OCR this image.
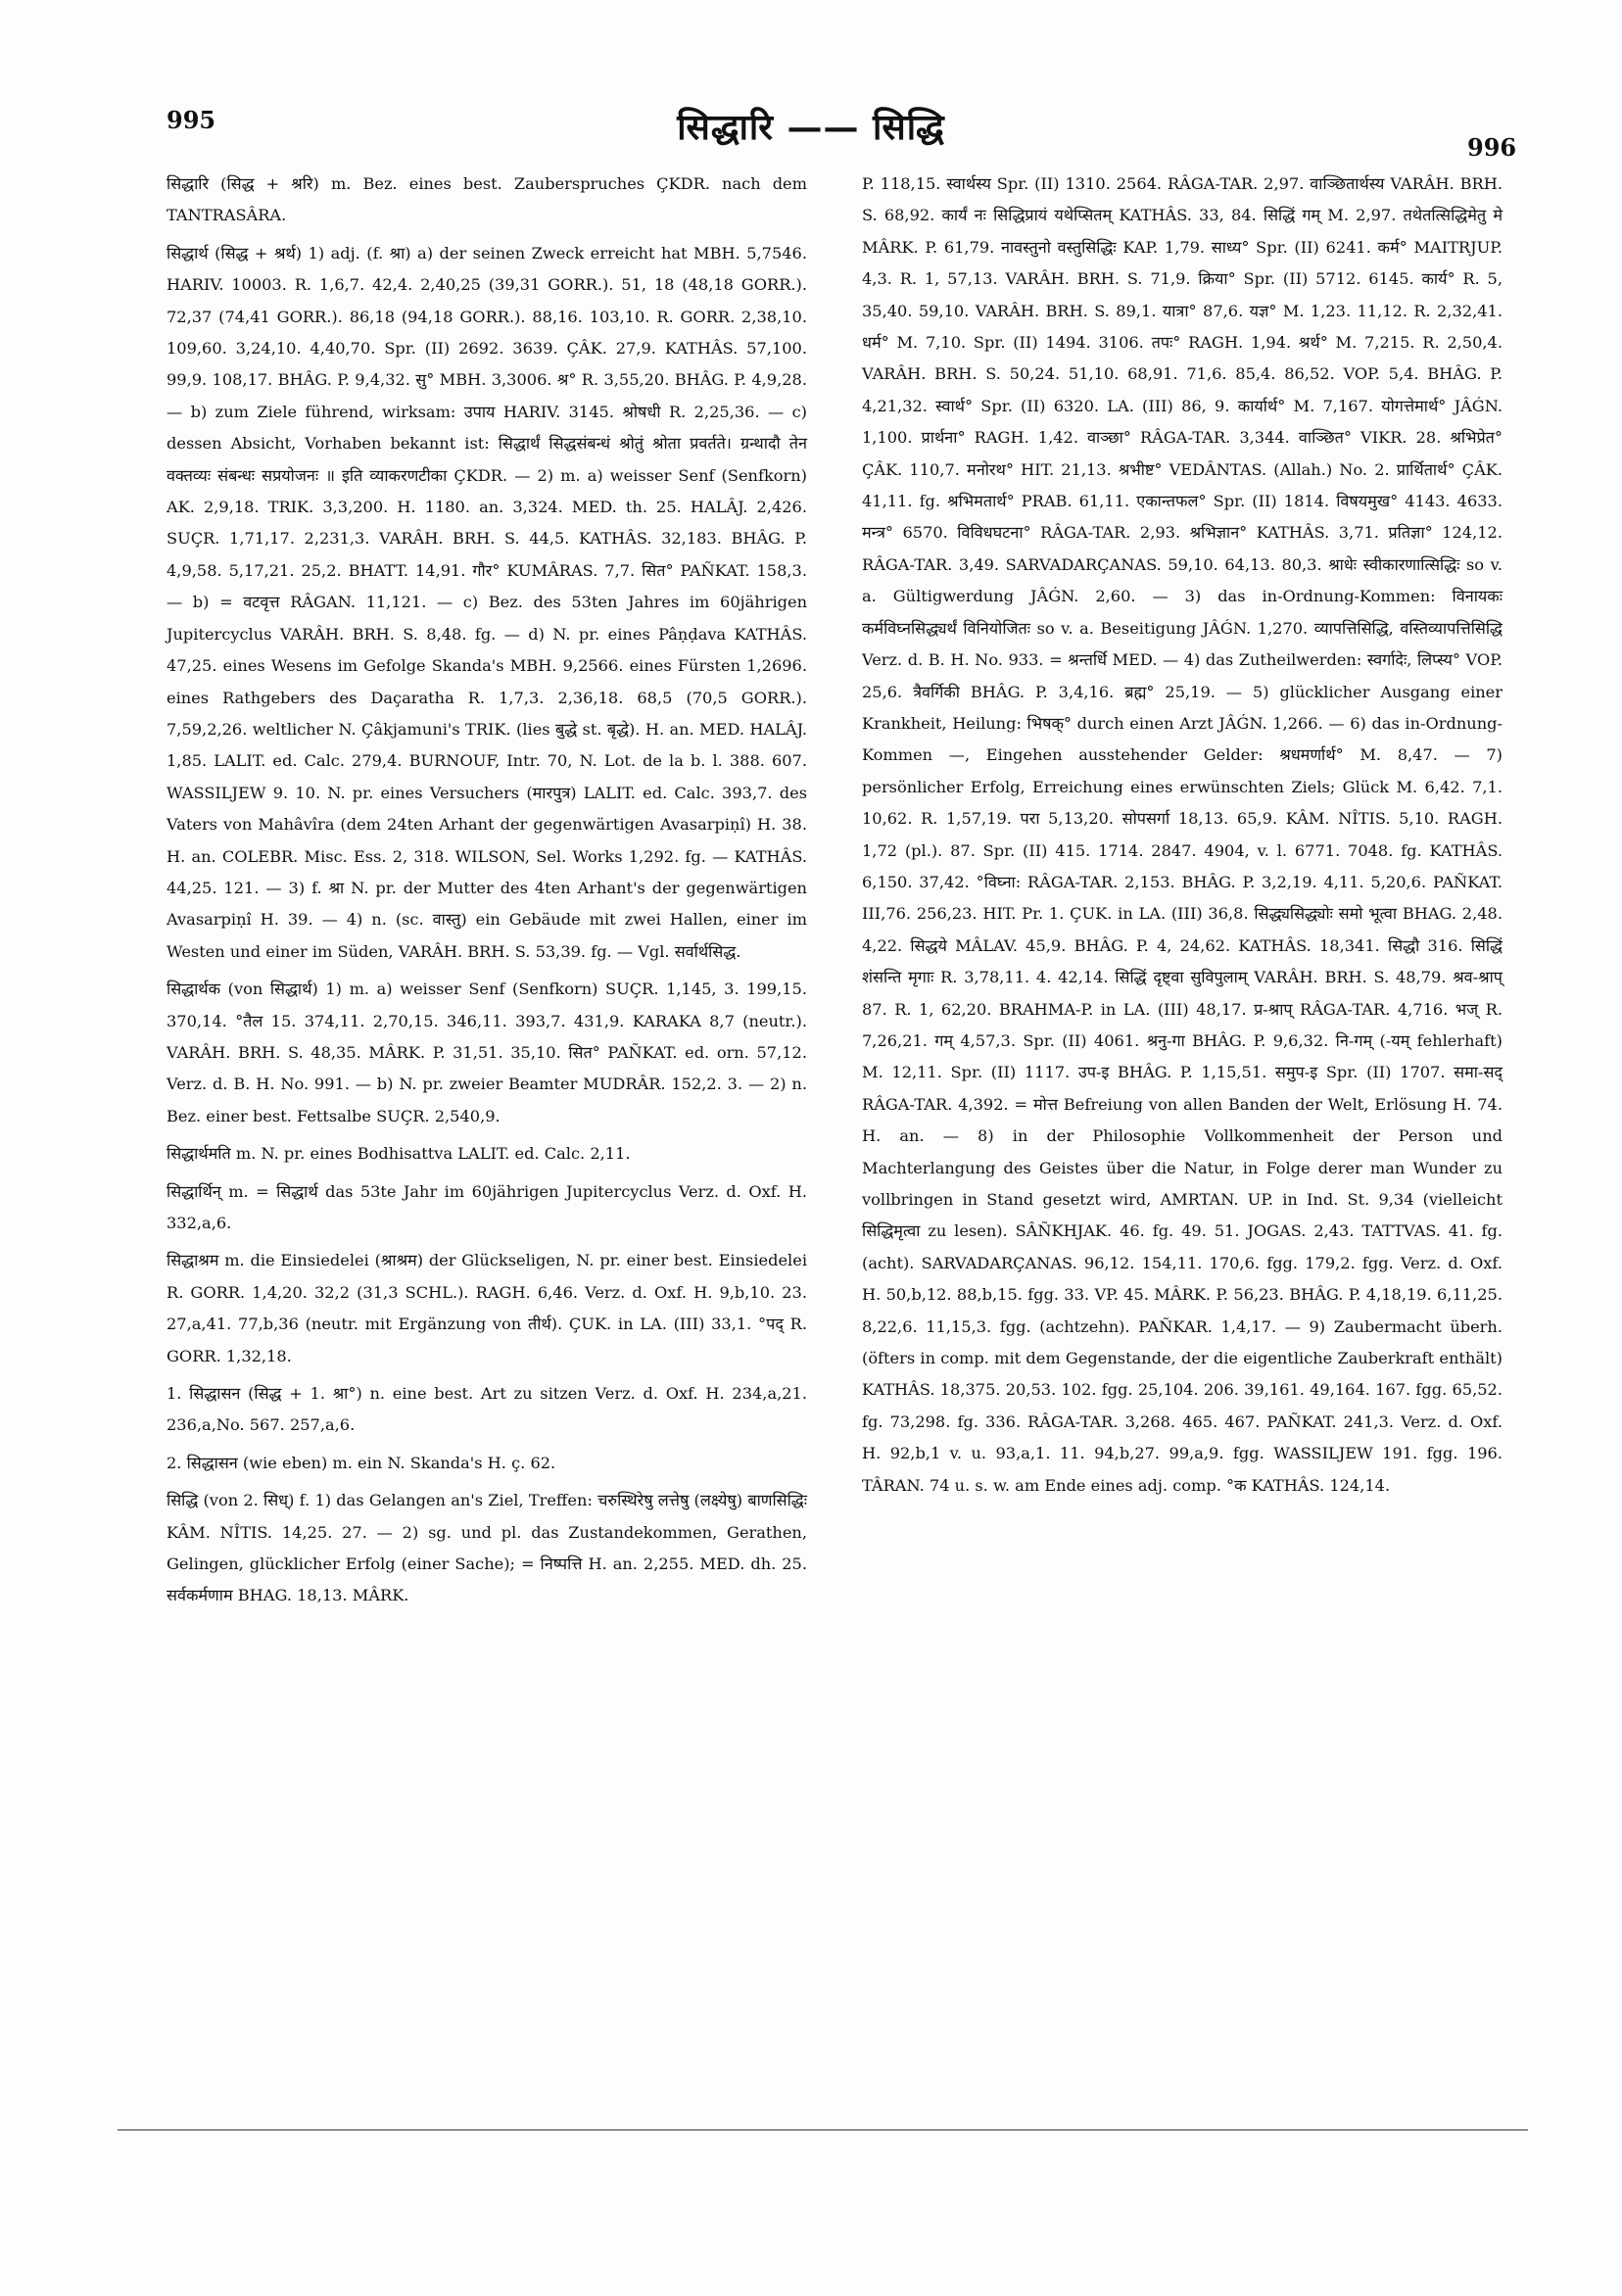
995	सिद्धारि —— सिद्धि	996

सिद्धारि (सिद्ध + श्ररि) m. Bez. eines best. Zauberspruches ÇKDR. nach dem TANTRASÂRA.

सिद्धार्थ (सिद्ध + श्रर्थ) 1) adj. (f. श्रा) a) der seinen Zweck erreicht hat MBH. 5,7546. HARIV. 10003. R. 1,6,7. 42,4. 2,40,25 (39,31 GORR.). 51, 18 (48,18 GORR.). 72,37 (74,41 GORR.). 86,18 (94,18 GORR.). 88,16. 103,10. R. GORR. 2,38,10. 109,60. 3,24,10. 4,40,70. Spr. (II) 2692. 3639. ÇÂK. 27,9. KATHÂS. 57,100. 99,9. 108,17. BHÂG. P. 9,4,32. सु° MBH. 3,3006. श्र° R. 3,55,20. BHÂG. P. 4,9,28. — b) zum Ziele führend, wirksam: उपाय HARIV. 3145. श्रोषधी R. 2,25,36. — c) dessen Absicht, Vorhaben bekannt ist: सिद्धार्थं सिद्धसंबन्धं श्रोतुं श्रोता प्रवर्तते। ग्रन्थादौ तेन वक्तव्यः संबन्धः सप्रयोजनः ॥ इति व्याकरणटीका ÇKDR. — 2) m. a) weisser Senf (Senfkorn) AK. 2,9,18. TRIK. 3,3,200. H. 1180. an. 3,324. MED. th. 25. HALÂJ. 2,426. SUÇR. 1,71,17. 2,231,3. VARÂH. BRH. S. 44,5. KATHÂS. 32,183. BHÂG. P. 4,9,58. 5,17,21. 25,2. BHATT. 14,91. गौर° KUMÂRAS. 7,7. सित° PAÑKAT. 158,3. — b) = वटवृत्त RÂGAN. 11,121. — c) Bez. des 53ten Jahres im 60jährigen Jupitercyclus VARÂH. BRH. S. 8,48. fg. — d) N. pr. eines Pâṇḍava KATHÂS. 47,25. eines Wesens im Gefolge Skanda's MBH. 9,2566. eines Fürsten 1,2696. eines Rathgebers des Daçaratha R. 1,7,3. 2,36,18. 68,5 (70,5 GORR.). 7,59,2,26. weltlicher N. Çâkjamuni's TRIK. (lies बुद्धे st. बृद्धे). H. an. MED. HALÂJ. 1,85. LALIT. ed. Calc. 279,4. BURNOUF, Intr. 70, N. Lot. de la b. l. 388. 607. WASSILJEW 9. 10. N. pr. eines Versuchers (मारपुत्र) LALIT. ed. Calc. 393,7. des Vaters von Mahâvîra (dem 24ten Arhant der gegenwärtigen Avasarpiṇî) H. 38. H. an. COLEBR. Misc. Ess. 2, 318. WILSON, Sel. Works 1,292. fg. — KATHÂS. 44,25. 121. — 3) f. श्रा N. pr. der Mutter des 4ten Arhant's der gegenwärtigen Avasarpiṇî H. 39. — 4) n. (sc. वास्तु) ein Gebäude mit zwei Hallen, einer im Westen und einer im Süden, VARÂH. BRH. S. 53,39. fg. — Vgl. सर्वार्थसिद्ध.

सिद्धार्थक (von सिद्धार्थ) 1) m. a) weisser Senf (Senfkorn) SUÇR. 1,145, 3. 199,15. 370,14. °तैल 15. 374,11. 2,70,15. 346,11. 393,7. 431,9. KARAKA 8,7 (neutr.). VARÂH. BRH. S. 48,35. MÂRK. P. 31,51. 35,10. सित° PAÑKAT. ed. orn. 57,12. Verz. d. B. H. No. 991. — b) N. pr. zweier Beamter MUDRÂR. 152,2. 3. — 2) n. Bez. einer best. Fettsalbe SUÇR. 2,540,9.

सिद्धार्थमति m. N. pr. eines Bodhisattva LALIT. ed. Calc. 2,11.

सिद्धार्थिन् m. = सिद्धार्थ das 53te Jahr im 60jährigen Jupitercyclus Verz. d. Oxf. H. 332,a,6.

सिद्धाश्रम m. die Einsiedelei (श्राश्रम) der Glückseligen, N. pr. einer best. Einsiedelei R. GORR. 1,4,20. 32,2 (31,3 SCHL.). RAGH. 6,46. Verz. d. Oxf. H. 9,b,10. 23. 27,a,41. 77,b,36 (neutr. mit Ergänzung von तीर्थ). ÇUK. in LA. (III) 33,1. °पद् R. GORR. 1,32,18.

1. सिद्धासन (सिद्ध + 1. श्रा°) n. eine best. Art zu sitzen Verz. d. Oxf. H. 234,a,21. 236,a,No. 567. 257,a,6.

2. सिद्धासन (wie eben) m. ein N. Skanda's H. ç. 62.

सिद्धि (von 2. सिध्) f. 1) das Gelangen an's Ziel, Treffen: चरुस्थिरेषु लत्तेषु (लक्ष्येषु) बाणसिद्धिः KÂM. NÎTIS. 14,25. 27. — 2) sg. und pl. das Zustandekommen, Gerathen, Gelingen, glücklicher Erfolg (einer Sache); = निष्पत्ति H. an. 2,255. MED. dh. 25. सर्वकर्मणाम BHAG. 18,13. MÂRK.

P. 118,15. स्वार्थस्य Spr. (II) 1310. 2564. RÂGA-TAR. 2,97. वाञ्छितार्थस्य VARÂH. BRH. S. 68,92. कार्यं नः सिद्धिप्रायं यथेप्सितम् KATHÂS. 33, 84. सिद्धिं गम् M. 2,97. तथेतत्सिद्धिमेतु मे MÂRK. P. 61,79. नावस्तुनो वस्तुसिद्धिः KAP. 1,79. साध्य° Spr. (II) 6241. कर्म° MAITRJUP. 4,3. R. 1, 57,13. VARÂH. BRH. S. 71,9. क्रिया° Spr. (II) 5712. 6145. कार्य° R. 5, 35,40. 59,10. VARÂH. BRH. S. 89,1. यात्रा° 87,6. यज्ञ° M. 1,23. 11,12. R. 2,32,41. धर्म° M. 7,10. Spr. (II) 1494. 3106. तपः° RAGH. 1,94. श्रर्थ° M. 7,215. R. 2,50,4. VARÂH. BRH. S. 50,24. 51,10. 68,91. 71,6. 85,4. 86,52. VOP. 5,4. BHÂG. P. 4,21,32. स्वार्थ° Spr. (II) 6320. LA. (III) 86, 9. कार्यार्थ° M. 7,167. योगत्तेमार्थ° JÂǴN. 1,100. प्रार्थना° RAGH. 1,42. वाञ्छा° RÂGA-TAR. 3,344. वाञ्छित° VIKR. 28. श्रभिप्रेत° ÇÂK. 110,7. मनोरथ° HIT. 21,13. श्रभीष्ट° VEDÂNTAS. (Allah.) No. 2. प्रार्थितार्थ° ÇÂK. 41,11. fg. श्रभिमतार्थ° PRAB. 61,11. एकान्तफल° Spr. (II) 1814. विषयमुख° 4143. 4633. मन्त्र° 6570. विविधघटना° RÂGA-TAR. 2,93. श्रभिज्ञान° KATHÂS. 3,71. प्रतिज्ञा° 124,12. RÂGA-TAR. 3,49. SARVADARÇANAS. 59,10. 64,13. 80,3. श्राधेः स्वीकारणात्सिद्धिः so v. a. Gültigwerdung JÂǴN. 2,60. — 3) das in-Ordnung-Kommen: विनायकः कर्मविघ्नसिद्ध्यर्थं विनियोजितः so v. a. Beseitigung JÂǴN. 1,270. व्यापत्तिसिद्धि, वस्तिव्यापत्तिसिद्धि Verz. d. B. H. No. 933. = श्रन्तर्धि MED. — 4) das Zutheilwerden: स्वर्गादेः, लिप्स्य° VOP. 25,6. त्रैवर्गिकी BHÂG. P. 3,4,16. ब्रह्म° 25,19. — 5) glücklicher Ausgang einer Krankheit, Heilung: भिषक्° durch einen Arzt JÂǴN. 1,266. — 6) das in-Ordnung-Kommen —, Eingehen ausstehender Gelder: श्रधमर्णार्थ° M. 8,47. — 7) persönlicher Erfolg, Erreichung eines erwünschten Ziels; Glück M. 6,42. 7,1. 10,62. R. 1,57,19. परा 5,13,20. सोपसर्गा 18,13. 65,9. KÂM. NÎTIS. 5,10. RAGH. 1,72 (pl.). 87. Spr. (II) 415. 1714. 2847. 4904, v. l. 6771. 7048. fg. KATHÂS. 6,150. 37,42. °विघ्ना: RÂGA-TAR. 2,153. BHÂG. P. 3,2,19. 4,11. 5,20,6. PAÑKAT. III,76. 256,23. HIT. Pr. 1. ÇUK. in LA. (III) 36,8. सिद्ध्यसिद्ध्योः समो भूत्वा BHAG. 2,48. 4,22. सिद्धये MÂLAV. 45,9. BHÂG. P. 4, 24,62. KATHÂS. 18,341. सिद्धौ 316. सिद्धिं शंसन्ति मृगाः R. 3,78,11. 4. 42,14. सिद्धिं दृष्ट्वा सुविपुलाम् VARÂH. BRH. S. 48,79. श्रव-श्राप् 87. R. 1, 62,20. BRAHMA-P. in LA. (III) 48,17. प्र-श्राप् RÂGA-TAR. 4,716. भज् R. 7,26,21. गम् 4,57,3. Spr. (II) 4061. श्रनु-गा BHÂG. P. 9,6,32. नि-गम् (-यम् fehlerhaft) M. 12,11. Spr. (II) 1117. उप-इ BHÂG. P. 1,15,51. समुप-इ Spr. (II) 1707. समा-सद् RÂGA-TAR. 4,392. = मोत्त Befreiung von allen Banden der Welt, Erlösung H. 74. H. an. — 8) in der Philosophie Vollkommenheit der Person und Machterlangung des Geistes über die Natur, in Folge derer man Wunder zu vollbringen in Stand gesetzt wird, AMRTAN. UP. in Ind. St. 9,34 (vielleicht सिद्धिमृत्वा zu lesen). SÂÑKHJAK. 46. fg. 49. 51. JOGAS. 2,43. TATTVAS. 41. fg. (acht). SARVADARÇANAS. 96,12. 154,11. 170,6. fgg. 179,2. fgg. Verz. d. Oxf. H. 50,b,12. 88,b,15. fgg. 33. VP. 45. MÂRK. P. 56,23. BHÂG. P. 4,18,19. 6,11,25. 8,22,6. 11,15,3. fgg. (achtzehn). PAÑKAR. 1,4,17. — 9) Zaubermacht überh. (öfters in comp. mit dem Gegenstande, der die eigentliche Zauberkraft enthält) KATHÂS. 18,375. 20,53. 102. fgg. 25,104. 206. 39,161. 49,164. 167. fgg. 65,52. fg. 73,298. fg. 336. RÂGA-TAR. 3,268. 465. 467. PAÑKAT. 241,3. Verz. d. Oxf. H. 92,b,1 v. u. 93,a,1. 11. 94,b,27. 99,a,9. fgg. WASSILJEW 191. fgg. 196. TÂRAN. 74 u. s. w. am Ende eines adj. comp. °क KATHÂS. 124,14.
